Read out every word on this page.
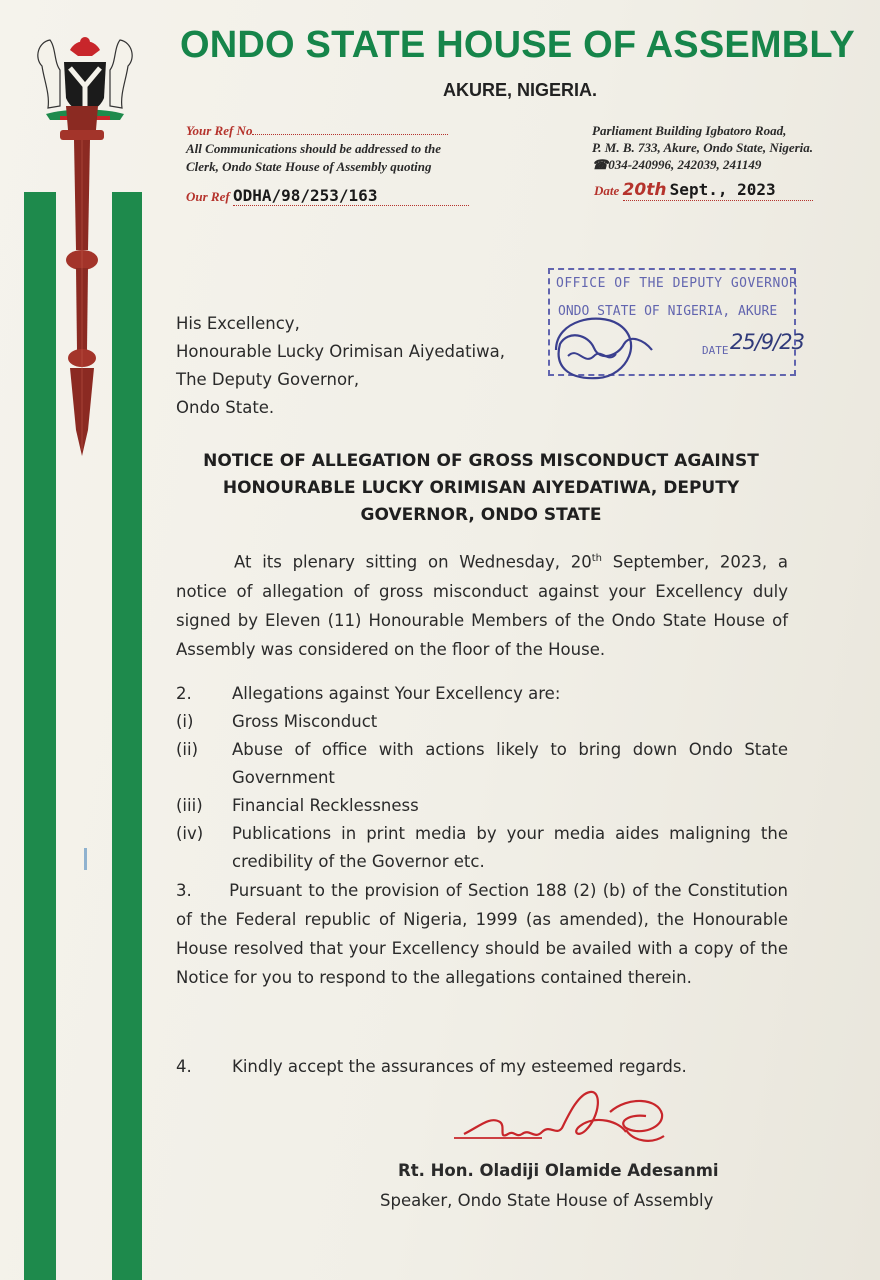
ONDO STATE HOUSE OF ASSEMBLY
AKURE, NIGERIA.
Your Ref No
All Communications should be addressed to the
Clerk, Ondo State House of Assembly quoting
Our Ref ODHA/98/253/163
Parliament Building Igbatoro Road,
P. M. B. 733, Akure, Ondo State, Nigeria.
☎034-240996, 242039, 241149
Date 20th Sept., 2023
OFFICE OF THE DEPUTY GOVERNOR
ONDO STATE OF NIGERIA, AKURE
DATE 25/9/23
His Excellency,
Honourable Lucky Orimisan Aiyedatiwa,
The Deputy Governor,
Ondo State.
NOTICE OF ALLEGATION OF GROSS MISCONDUCT AGAINST
HONOURABLE LUCKY ORIMISAN AIYEDATIWA, DEPUTY
GOVERNOR, ONDO STATE
At its plenary sitting on Wednesday, 20th September, 2023, a notice of allegation of gross misconduct against your Excellency duly signed by Eleven (11) Honourable Members of the Ondo State House of Assembly was considered on the floor of the House.
2.	Allegations against Your Excellency are:
(i)	Gross Misconduct
(ii)	Abuse of office with actions likely to bring down Ondo State Government
(iii)	Financial Recklessness
(iv)	Publications in print media by your media aides maligning the credibility of the Governor etc.
3. Pursuant to the provision of Section 188 (2) (b) of the Constitution of the Federal republic of Nigeria, 1999 (as amended), the Honourable House resolved that your Excellency should be availed with a copy of the Notice for you to respond to the allegations contained therein.
4.	Kindly accept the assurances of my esteemed regards.
Rt. Hon. Oladiji Olamide Adesanmi
Speaker, Ondo State House of Assembly
